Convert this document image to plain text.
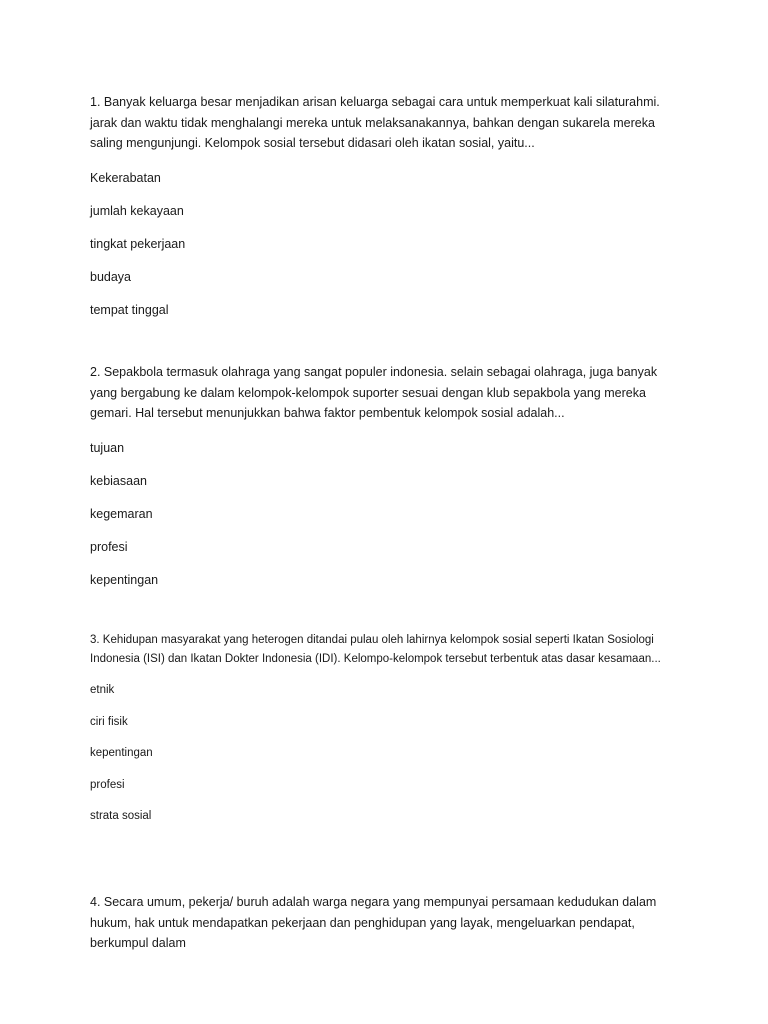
1. Banyak keluarga besar menjadikan arisan keluarga sebagai cara untuk memperkuat kali silaturahmi. jarak dan waktu tidak menghalangi mereka untuk melaksanakannya, bahkan dengan sukarela mereka saling mengunjungi. Kelompok sosial tersebut didasari oleh ikatan sosial, yaitu...

Kekerabatan
jumlah kekayaan
tingkat pekerjaan
budaya
tempat tinggal

2. Sepakbola termasuk olahraga yang sangat populer indonesia. selain sebagai olahraga, juga banyak yang bergabung ke dalam kelompok-kelompok suporter sesuai dengan klub sepakbola yang mereka gemari. Hal tersebut menunjukkan bahwa faktor pembentuk kelompok sosial adalah...

tujuan
kebiasaan
kegemaran
profesi
kepentingan

3. Kehidupan masyarakat yang heterogen ditandai pulau oleh lahirnya kelompok sosial seperti Ikatan Sosiologi Indonesia (ISI) dan Ikatan Dokter Indonesia (IDI). Kelompo-kelompok tersebut terbentuk atas dasar kesamaan...

etnik
ciri fisik
kepentingan
profesi
strata sosial

4. Secara umum, pekerja/ buruh adalah warga negara yang mempunyai persamaan kedudukan dalam hukum, hak untuk mendapatkan pekerjaan dan penghidupan yang layak, mengeluarkan pendapat, berkumpul dalam
